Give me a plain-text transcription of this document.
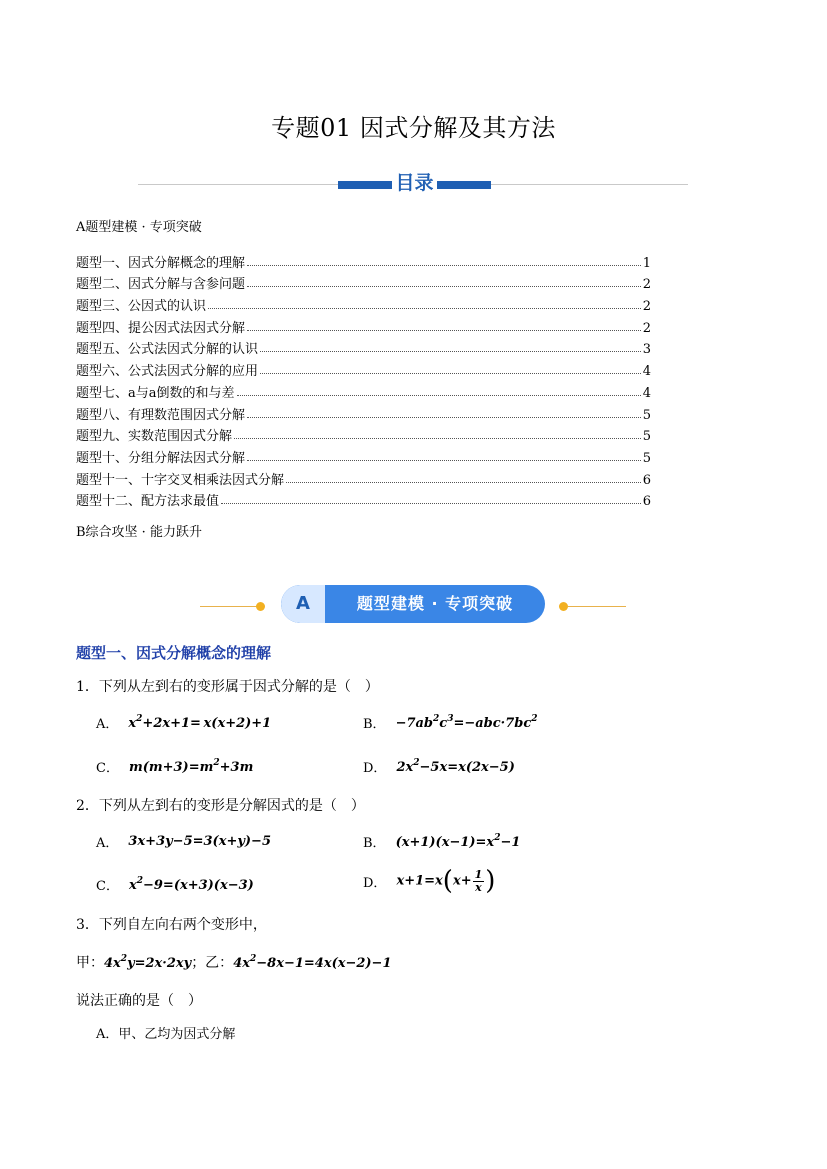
专题01 因式分解及其方法
目录
A题型建模 · 专项突破
题型一、因式分解概念的理解	1
题型二、因式分解与含参问题	2
题型三、公因式的认识	2
题型四、提公因式法因式分解	2
题型五、公式法因式分解的认识	3
题型六、公式法因式分解的应用	4
题型七、a与a倒数的和与差	4
题型八、有理数范围因式分解	5
题型九、实数范围因式分解	5
题型十、分组分解法因式分解	5
题型十一、十字交叉相乘法因式分解	6
题型十二、配方法求最值	6
B综合攻坚 · 能力跃升
A	题型建模 · 专项突破
题型一、因式分解概念的理解
1．下列从左到右的变形属于因式分解的是（　）
A． $x^2+2x+1= x(x+2)+1$	B． $-7ab^2c^3=-abc\cdot 7bc^2$
C． $m(m+3)=m^2+3m$	D． $2x^2-5x=x(2x-5)$
2．下列从左到右的变形是分解因式的是（　）
A． 3x+3y−5=3(x+y)−5	B． $(x+1)(x-1)=x^2-1$
C． $x^2-9=(x+3)(x-3)$	D． $x+1=x(x+ \frac{1}{x}$ )
3．下列自左向右两个变形中，
甲： $4x^2y=2x\cdot 2xy$ ；乙： $4x^2-8x-1=4x(x-2)-1$
说法正确的是（　）
A．甲、乙均为因式分解
